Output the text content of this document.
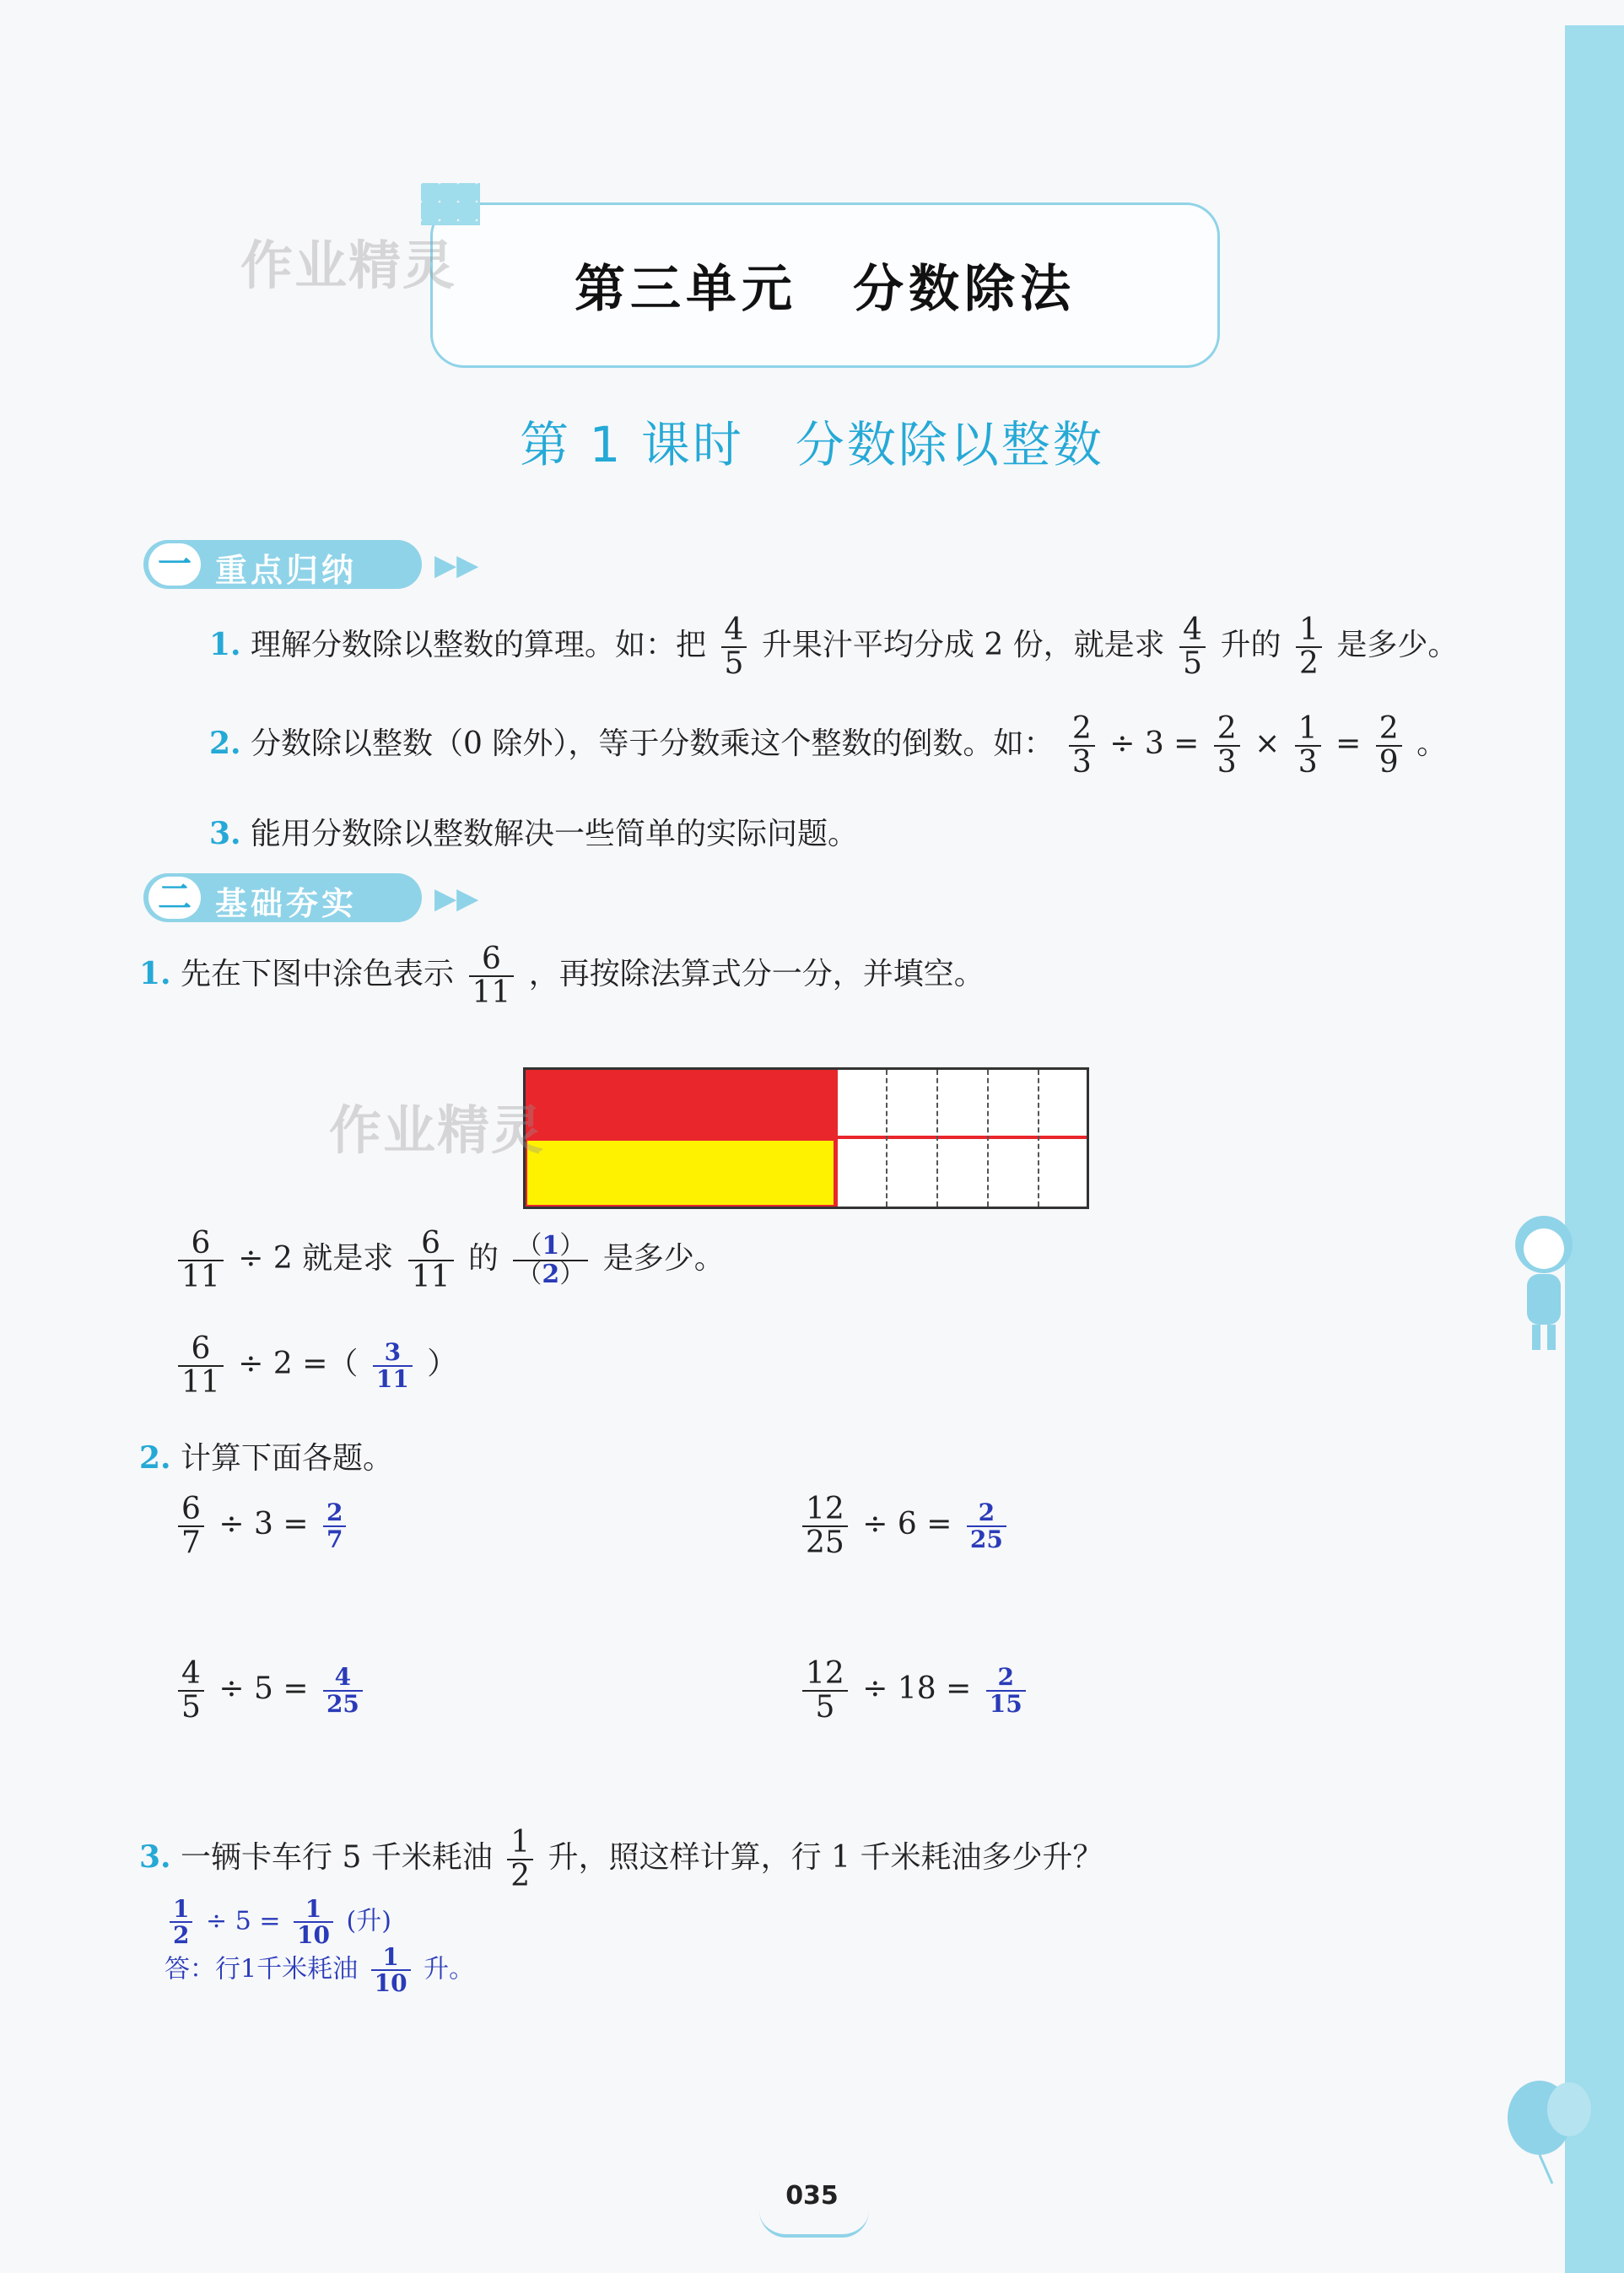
第三单元　分数除法
作业精灵
第 1 课时　分数除以整数
一 重点归纳	▶▶
1. 理解分数除以整数的算理。如：把 $\frac{4}{5}$ 升果汁平均分成 2 份，就是求 $\frac{4}{5}$ 升的 $\frac{1}{2}$ 是多少。
2. 分数除以整数（0 除外），等于分数乘这个整数的倒数。如： $\frac{2}{3} \div 3 = \frac{2}{3} \times \frac{1}{3} = \frac{2}{9}$ 。
3. 能用分数除以整数解决一些简单的实际问题。
二 基础夯实	▶▶
1. 先在下图中涂色表示 $\frac{6}{11}$ ，再按除法算式分一分，并填空。
作业精灵
$\frac{6}{11} \div 2$ 就是求 $\frac{6}{11}$ 的 $\frac{(1)}{(2)}$ 是多少。
$\frac{6}{11} \div 2$ =（ $\frac{3}{11}$ ）
2. 计算下面各题。
$\frac{6}{7} \div 3 = \frac{2}{7}$	$\frac{12}{25} \div 6 = \frac{2}{25}$
$\frac{4}{5} \div 5 = \frac{4}{25}$	$\frac{12}{5} \div 18 = \frac{2}{15}$
3. 一辆卡车行 5 千米耗油 $\frac{1}{2}$ 升，照这样计算，行 1 千米耗油多少升？
$\frac{1}{2} \div 5 = \frac{1}{10}$ (升)
答：行1千米耗油 $\frac{1}{10}$ 升。
035
